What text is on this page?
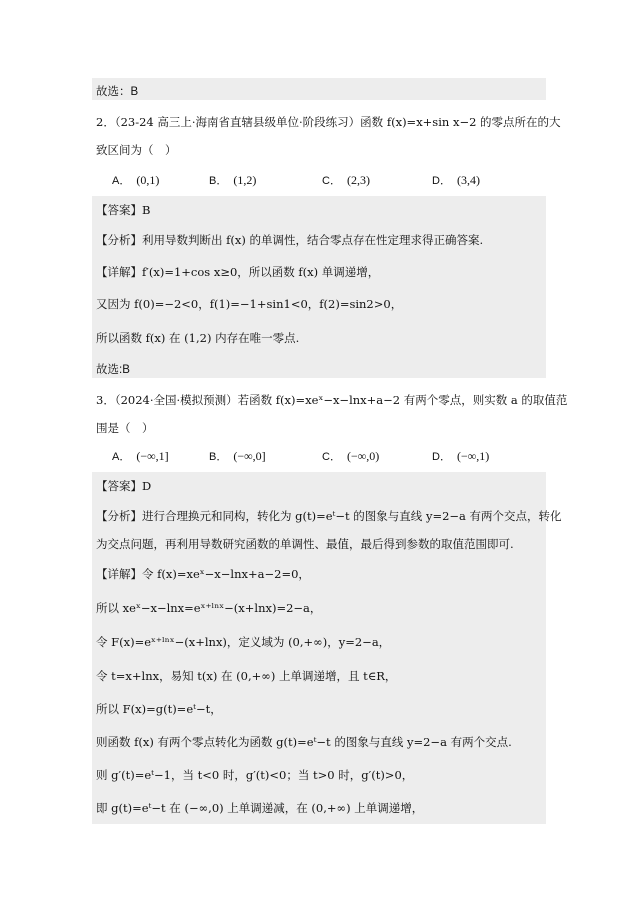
故选：B
2．（23-24 高三上·海南省直辖县级单位·阶段练习）函数 f(x)=x+sin x−2 的零点所在的大
致区间为（　）
A． (0,1)	B． (1,2)	C． (2,3)	D． (3,4)
【答案】B
【分析】利用导数判断出 f(x) 的单调性，结合零点存在性定理求得正确答案.
【详解】f′(x)=1+cos x≥0，所以函数 f(x) 单调递增，
又因为 f(0)=−2<0，f(1)=−1+sin1<0，f(2)=sin2>0，
所以函数 f(x) 在 (1,2) 内存在唯一零点.
故选:B
3．（2024·全国·模拟预测）若函数 f(x)=xeˣ−x−lnx+a−2 有两个零点，则实数 a 的取值范
围是（　）
A． (−∞,1]	B． (−∞,0]	C． (−∞,0)	D． (−∞,1)
【答案】D
【分析】进行合理换元和同构，转化为 g(t)=eᵗ−t 的图象与直线 y=2−a 有两个交点，转化
为交点问题，再利用导数研究函数的单调性、最值，最后得到参数的取值范围即可.
【详解】令 f(x)=xeˣ−x−lnx+a−2=0，
所以 xeˣ−x−lnx=eˣ⁺ˡⁿˣ−(x+lnx)=2−a，
令 F(x)=eˣ⁺ˡⁿˣ−(x+lnx)，定义域为 (0,+∞)，y=2−a，
令 t=x+lnx，易知 t(x) 在 (0,+∞) 上单调递增，且 t∈R，
所以 F(x)=g(t)=eᵗ−t，
则函数 f(x) 有两个零点转化为函数 g(t)=eᵗ−t 的图象与直线 y=2−a 有两个交点.
则 g′(t)=eᵗ−1，当 t<0 时，g′(t)<0；当 t>0 时，g′(t)>0，
即 g(t)=eᵗ−t 在 (−∞,0) 上单调递减，在 (0,+∞) 上单调递增，
